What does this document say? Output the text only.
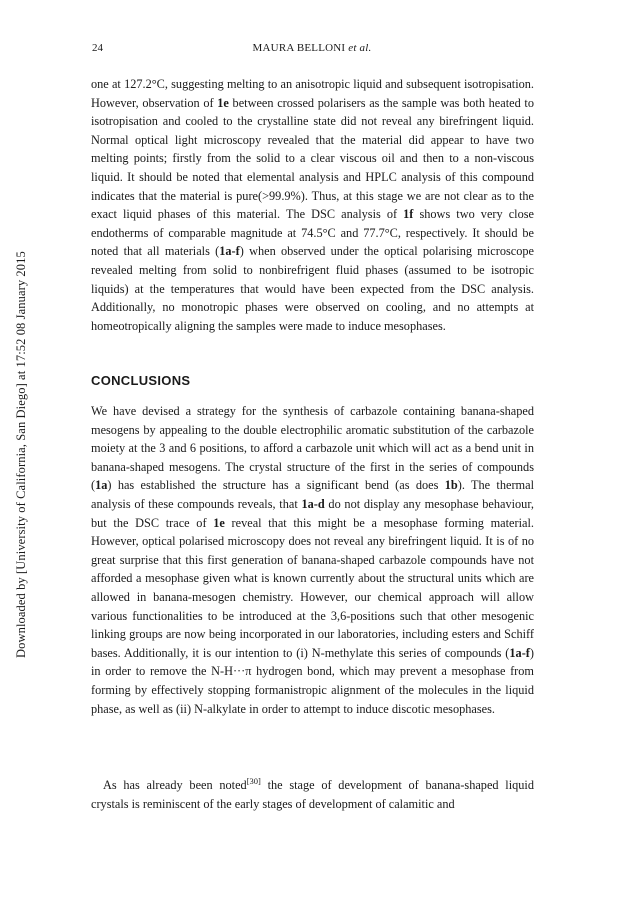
24	MAURA BELLONI et al.
Downloaded by [University of California, San Diego] at 17:52 08 January 2015

one at 127.2°C, suggesting melting to an anisotropic liquid and subsequent isotropisation. However, observation of 1e between crossed polarisers as the sample was both heated to isotropisation and cooled to the crystalline state did not reveal any birefringent liquid. Normal optical light microscopy revealed that the material did appear to have two melting points; firstly from the solid to a clear viscous oil and then to a non-viscous liquid. It should be noted that elemental analysis and HPLC analysis of this compound indicates that the material is pure(>99.9%). Thus, at this stage we are not clear as to the exact liquid phases of this material. The DSC analysis of 1f shows two very close endotherms of comparable magnitude at 74.5°C and 77.7°C, respectively. It should be noted that all materials (1a-f) when observed under the optical polarising microscope revealed melting from solid to nonbirefrigent fluid phases (assumed to be isotropic liquids) at the temperatures that would have been expected from the DSC analysis. Additionally, no monotropic phases were observed on cooling, and no attempts at homeotropically aligning the samples were made to induce mesophases.

CONCLUSIONS

We have devised a strategy for the synthesis of carbazole containing banana-shaped mesogens by appealing to the double electrophilic aromatic substitution of the carbazole moiety at the 3 and 6 positions, to afford a carbazole unit which will act as a bend unit in banana-shaped mesogens. The crystal structure of the first in the series of compounds (1a) has established the structure has a significant bend (as does 1b). The thermal analysis of these compounds reveals, that 1a-d do not display any mesophase behaviour, but the DSC trace of 1e reveal that this might be a mesophase forming material. However, optical polarised microscopy does not reveal any birefringent liquid. It is of no great surprise that this first generation of banana-shaped carbazole compounds have not afforded a mesophase given what is known currently about the structural units which are allowed in banana-mesogen chemistry. However, our chemical approach will allow various functionalities to be introduced at the 3,6-positions such that other mesogenic linking groups are now being incorporated in our laboratories, including esters and Schiff bases. Additionally, it is our intention to (i) N-methylate this series of compounds (1a-f) in order to remove the N-H···π hydrogen bond, which may prevent a mesophase from forming by effectively stopping formanistropic alignment of the molecules in the liquid phase, as well as (ii) N-alkylate in order to attempt to induce discotic mesophases.

As has already been noted[30] the stage of development of banana-shaped liquid crystals is reminiscent of the early stages of development of calamitic and
